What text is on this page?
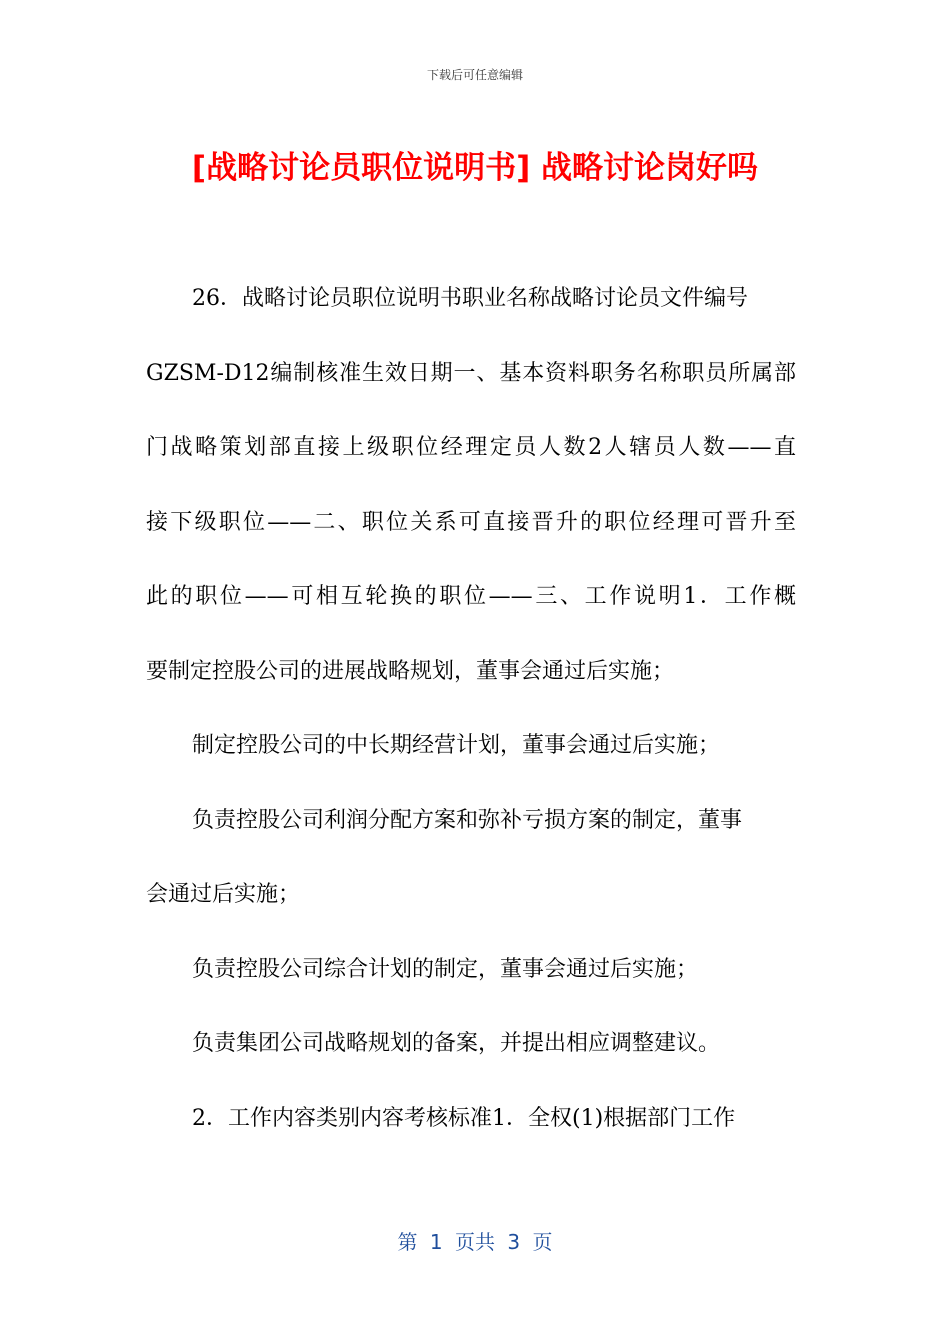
下载后可任意编辑
[战略讨论员职位说明书] 战略讨论岗好吗
26．战略讨论员职位说明书职业名称战略讨论员文件编号
GZSM-D12编制核准生效日期一、基本资料职务名称职员所属部
门战略策划部直接上级职位经理定员人数2人辖员人数——直
接下级职位——二、职位关系可直接晋升的职位经理可晋升至
此的职位——可相互轮换的职位——三、工作说明1．工作概
要制定控股公司的进展战略规划，董事会通过后实施；
制定控股公司的中长期经营计划，董事会通过后实施；
负责控股公司利润分配方案和弥补亏损方案的制定，董事
会通过后实施；
负责控股公司综合计划的制定，董事会通过后实施；
负责集团公司战略规划的备案，并提出相应调整建议。
2．工作内容类别内容考核标准1．全权(1)根据部门工作
第 1 页共 3 页
